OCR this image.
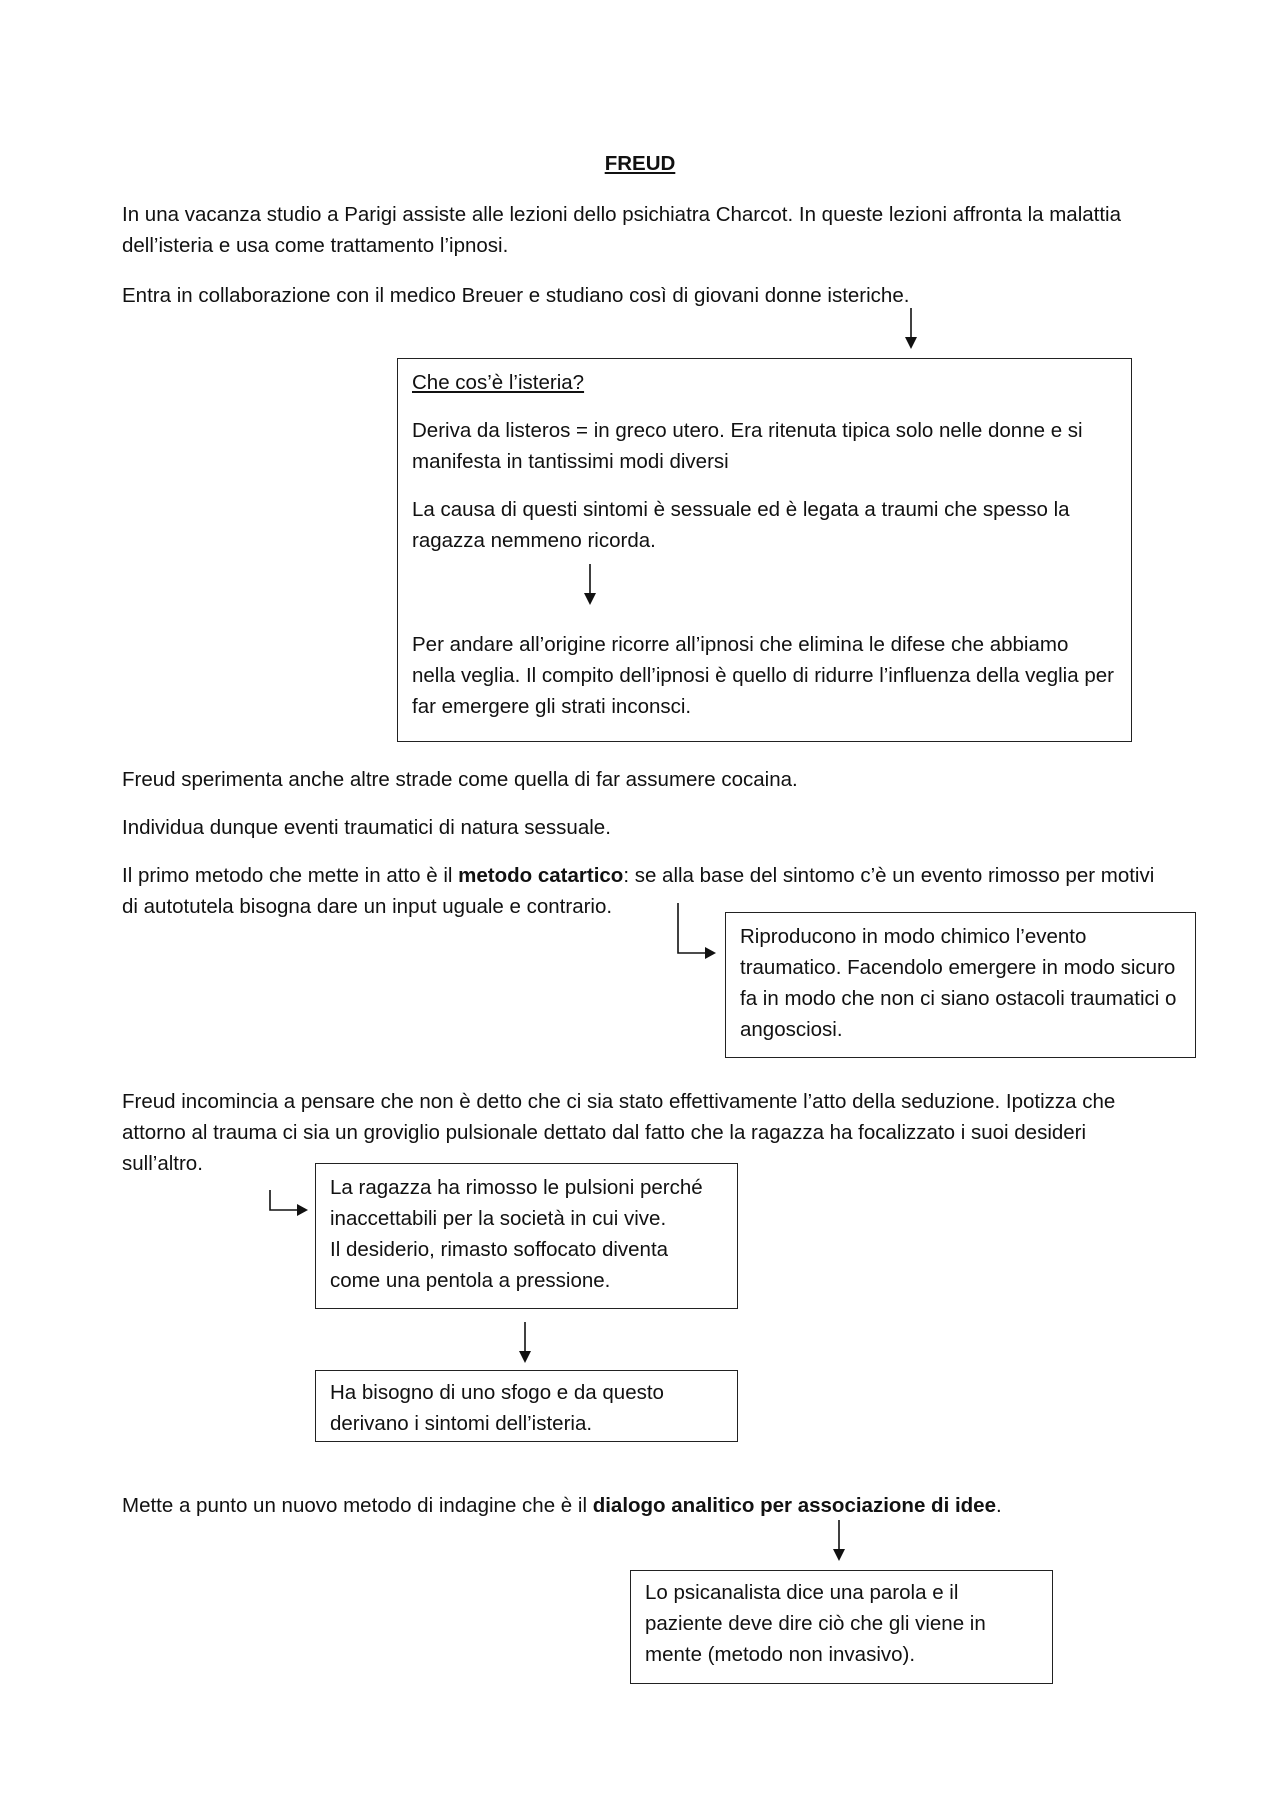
FREUD

In una vacanza studio a Parigi assiste alle lezioni dello psichiatra Charcot. In queste lezioni affronta la malattia dell’isteria e usa come trattamento l’ipnosi.

Entra in collaborazione con il medico Breuer e studiano così di giovani donne isteriche.

Che cos’è l’isteria?

Deriva da listeros = in greco utero. Era ritenuta tipica solo nelle donne e si manifesta in tantissimi modi diversi

La causa di questi sintomi è sessuale ed è legata a traumi che spesso la ragazza nemmeno ricorda.

Per andare all’origine ricorre all’ipnosi che elimina le difese che abbiamo nella veglia. Il compito dell’ipnosi è quello di ridurre l’influenza della veglia per far emergere gli strati inconsci.

Freud sperimenta anche altre strade come quella di far assumere cocaina.

Individua dunque eventi traumatici di natura sessuale.

Il primo metodo che mette in atto è il metodo catartico: se alla base del sintomo c’è un evento rimosso per motivi di autotutela bisogna dare un input uguale e contrario.

Riproducono in modo chimico l’evento traumatico. Facendolo emergere in modo sicuro fa in modo che non ci siano ostacoli traumatici o angosciosi.

Freud incomincia a pensare che non è detto che ci sia stato effettivamente l’atto della seduzione. Ipotizza che attorno al trauma ci sia un groviglio pulsionale dettato dal fatto che la ragazza ha focalizzato i suoi desideri sull’altro.

La ragazza ha rimosso le pulsioni perché inaccettabili per la società in cui vive.

Il desiderio, rimasto soffocato diventa come una pentola a pressione.

Ha bisogno di uno sfogo e da questo derivano i sintomi dell’isteria.

Mette a punto un nuovo metodo di indagine che è il dialogo analitico per associazione di idee.

Lo psicanalista dice una parola e il paziente deve dire ciò che gli viene in mente (metodo non invasivo).
